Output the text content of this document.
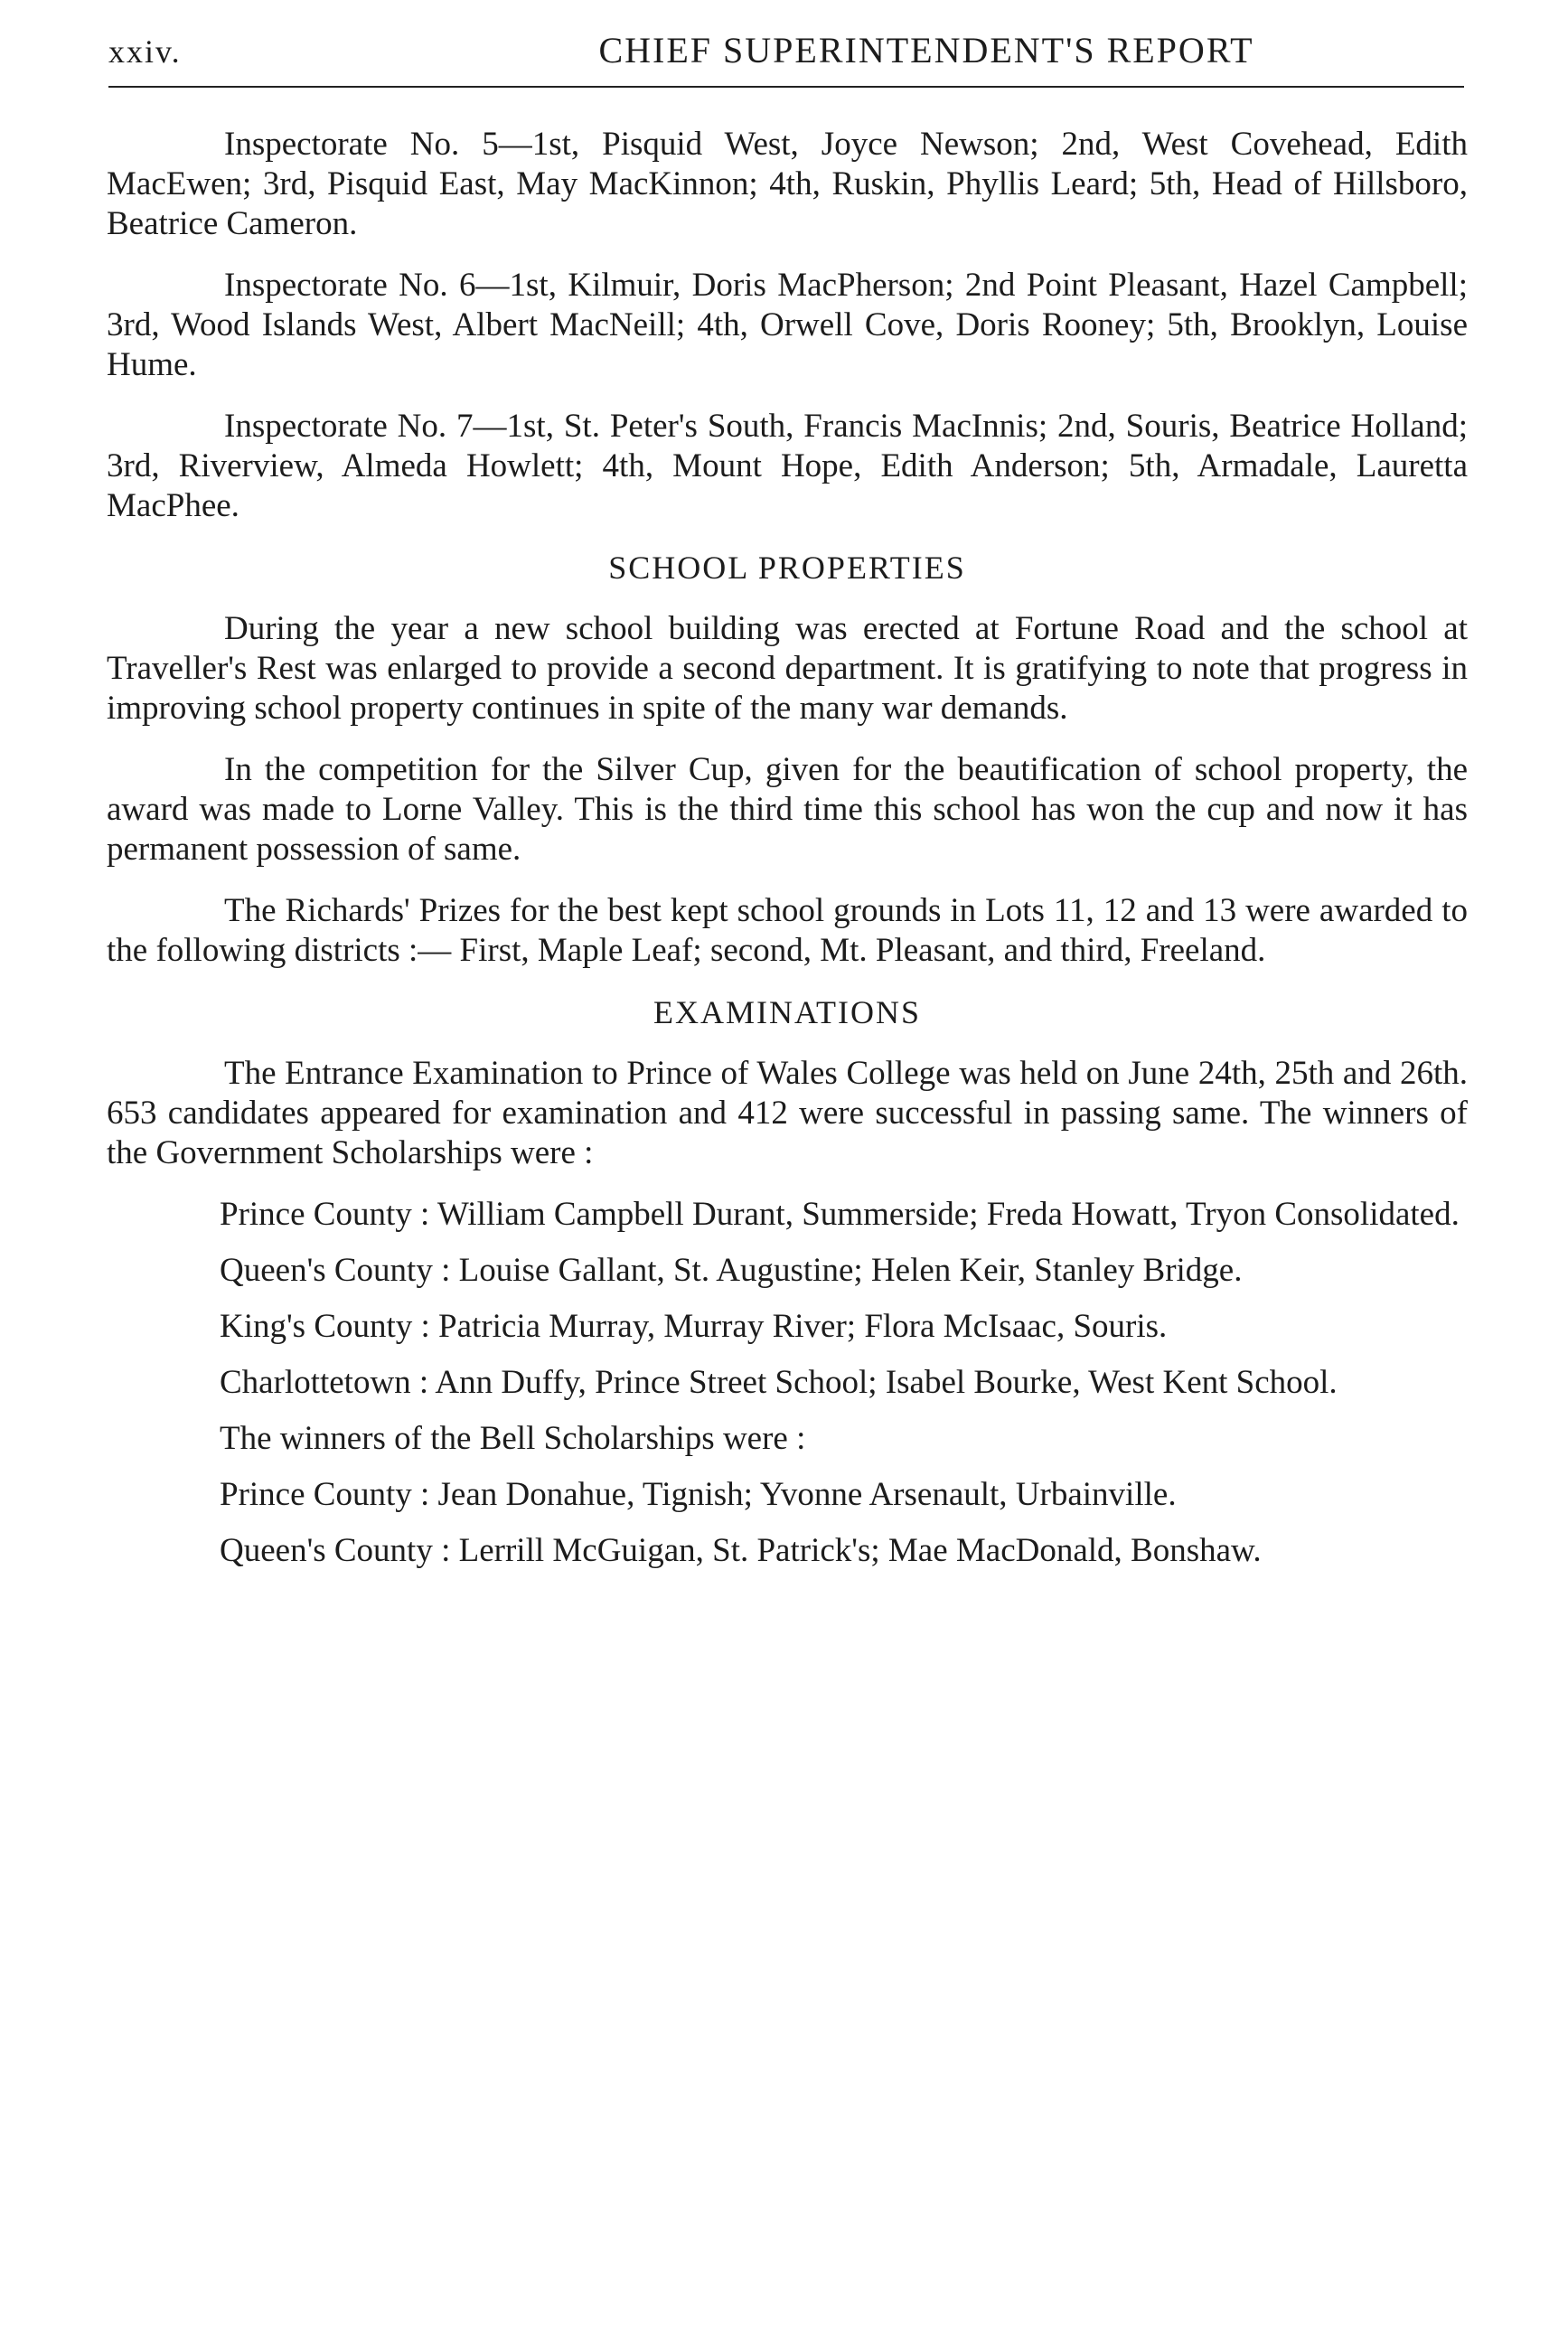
xxiv.	CHIEF SUPERINTENDENT'S REPORT

Inspectorate No. 5—1st, Pisquid West, Joyce Newson; 2nd, West Covehead, Edith MacEwen; 3rd, Pisquid East, May MacKinnon; 4th, Ruskin, Phyllis Leard; 5th, Head of Hillsboro, Beatrice Cameron.

Inspectorate No. 6—1st, Kilmuir, Doris MacPherson; 2nd Point Pleasant, Hazel Campbell; 3rd, Wood Islands West, Albert MacNeill; 4th, Orwell Cove, Doris Rooney; 5th, Brooklyn, Louise Hume.

Inspectorate No. 7—1st, St. Peter's South, Francis MacInnis; 2nd, Souris, Beatrice Holland; 3rd, Riverview, Almeda Howlett; 4th, Mount Hope, Edith Anderson; 5th, Armadale, Lauretta MacPhee.

SCHOOL PROPERTIES

During the year a new school building was erected at Fortune Road and the school at Traveller's Rest was enlarged to provide a second department. It is gratifying to note that progress in improving school property continues in spite of the many war demands.

In the competition for the Silver Cup, given for the beautification of school property, the award was made to Lorne Valley. This is the third time this school has won the cup and now it has permanent possession of same.

The Richards' Prizes for the best kept school grounds in Lots 11, 12 and 13 were awarded to the following districts :— First, Maple Leaf; second, Mt. Pleasant, and third, Freeland.

EXAMINATIONS

The Entrance Examination to Prince of Wales College was held on June 24th, 25th and 26th. 653 candidates appeared for examination and 412 were successful in passing same. The winners of the Government Scholarships were :

Prince County : William Campbell Durant, Summerside; Freda Howatt, Tryon Consolidated.

Queen's County : Louise Gallant, St. Augustine; Helen Keir, Stanley Bridge.

King's County : Patricia Murray, Murray River; Flora McIsaac, Souris.

Charlottetown : Ann Duffy, Prince Street School; Isabel Bourke, West Kent School.

The winners of the Bell Scholarships were :

Prince County : Jean Donahue, Tignish; Yvonne Arsenault, Urbainville.

Queen's County : Lerrill McGuigan, St. Patrick's; Mae MacDonald, Bonshaw.
